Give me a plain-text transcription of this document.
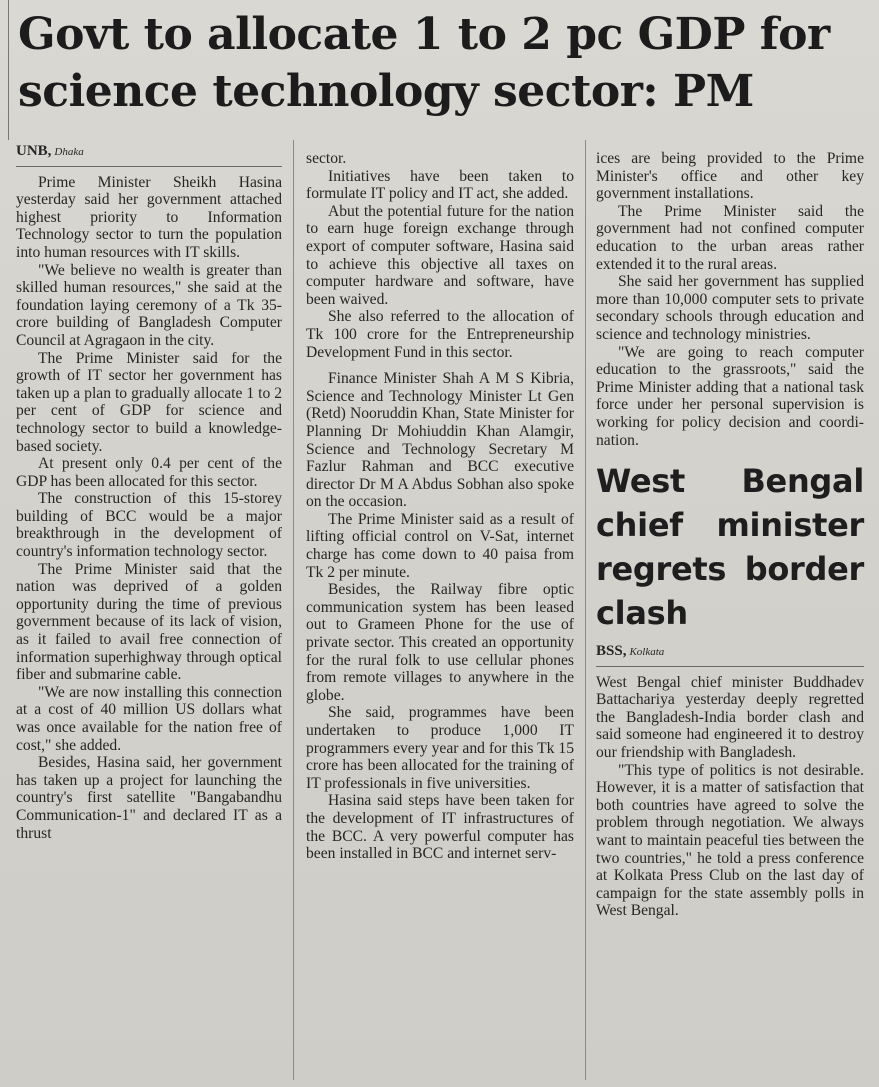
Govt to allocate 1 to 2 pc GDP for science technology sector: PM
UNB, Dhaka

Prime Minister Sheikh Hasina yesterday said her government attached highest priority to Information Technology sector to turn the population into human resources with IT skills.

"We believe no wealth is greater than skilled human resources," she said at the foundation laying ceremony of a Tk 35-crore building of Bangladesh Computer Council at Agragaon in the city.

The Prime Minister said for the growth of IT sector her government has taken up a plan to gradually allocate 1 to 2 per cent of GDP for science and technology sector to build a knowledge-based society.

At present only 0.4 per cent of the GDP has been allocated for this sector.

The construction of this 15-storey building of BCC would be a major breakthrough in the development of country's information technology sector.

The Prime Minister said that the nation was deprived of a golden opportunity during the time of previous government because of its lack of vision, as it failed to avail free connection of information superhighway through optical fiber and submarine cable.

"We are now installing this connection at a cost of 40 million US dollars what was once available for the nation free of cost," she added.

Besides, Hasina said, her government has taken up a project for launching the country's first satellite "Bangabandhu Communication-1" and declared IT as a thrust

sector.

Initiatives have been taken to formulate IT policy and IT act, she added.

Abut the potential future for the nation to earn huge foreign exchange through export of computer software, Hasina said to achieve this objective all taxes on computer hardware and software, have been waived.

She also referred to the allocation of Tk 100 crore for the Entrepreneurship Development Fund in this sector.

Finance Minister Shah A M S Kibria, Science and Technology Minister Lt Gen (Retd) Nooruddin Khan, State Minister for Planning Dr Mohiuddin Khan Alamgir, Science and Technology Secretary M Fazlur Rahman and BCC executive director Dr M A Abdus Sobhan also spoke on the occasion.

The Prime Minister said as a result of lifting official control on V-Sat, internet charge has come down to 40 paisa from Tk 2 per minute.

Besides, the Railway fibre optic communication system has been leased out to Grameen Phone for the use of private sector. This created an opportunity for the rural folk to use cellular phones from remote villages to anywhere in the globe.

She said, programmes have been undertaken to produce 1,000 IT programmers every year and for this Tk 15 crore has been allocated for the training of IT professionals in five universities.

Hasina said steps have been taken for the development of IT infrastructures of the BCC. A very powerful computer has been installed in BCC and internet serv-

ices are being provided to the Prime Minister's office and other key government installations.

The Prime Minister said the government had not confined computer education to the urban areas rather extended it to the rural areas.

She said her government has supplied more than 10,000 computer sets to private secondary schools through education and science and technology ministries.

"We are going to reach computer education to the grassroots," said the Prime Minister adding that a national task force under her personal supervision is working for policy decision and coordination.

West Bengal chief minister regrets border clash
BSS, Kolkata

West Bengal chief minister Buddhadev Battachariya yesterday deeply regretted the Bangladesh-India border clash and said someone had engineered it to destroy our friendship with Bangladesh.

"This type of politics is not desirable. However, it is a matter of satisfaction that both countries have agreed to solve the problem through negotiation. We always want to maintain peaceful ties between the two countries," he told a press conference at Kolkata Press Club on the last day of campaign for the state assembly polls in West Bengal.
